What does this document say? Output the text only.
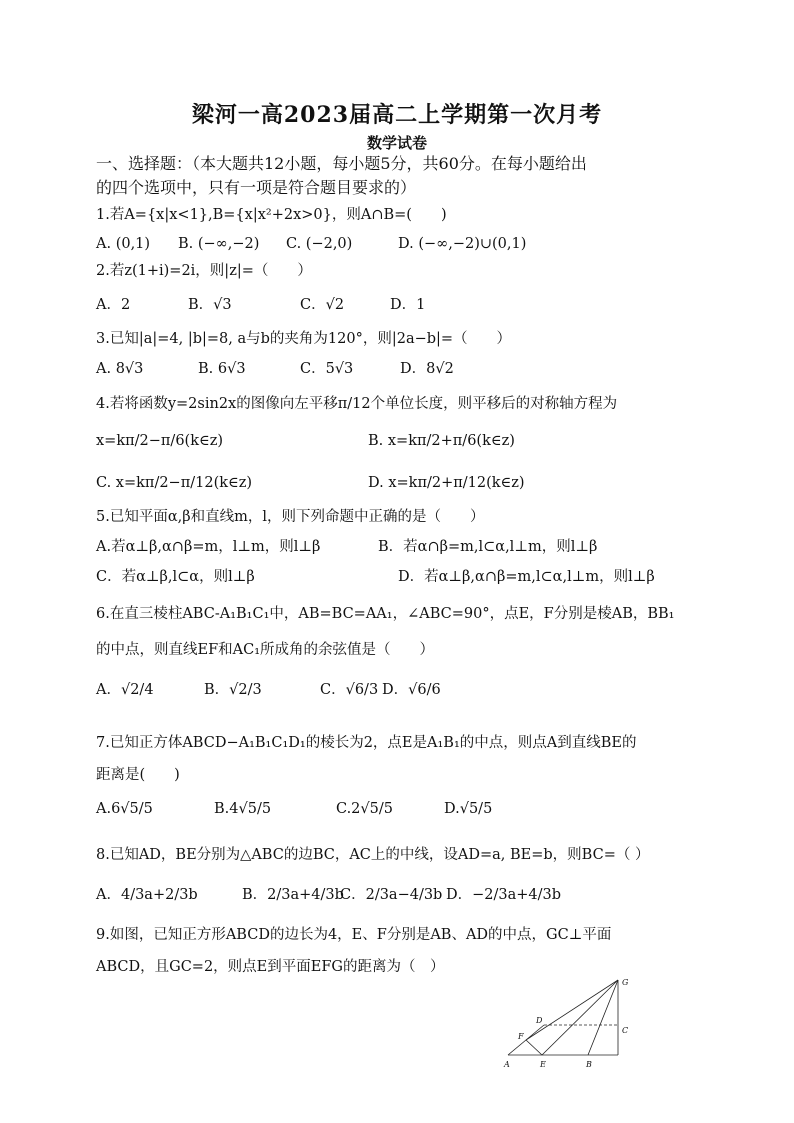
梁河一高2023届高二上学期第一次月考
数学试卷
一、选择题：（本大题共12小题，每小题5分，共60分。在每小题给出
的四个选项中，只有一项是符合题目要求的）
1.若A={x|x<1},B={x|x²+2x>0}，则A∩B=(　　)
A. (0,1) B. (−∞,−2) C. (−2,0)	D. (−∞,−2)∪(0,1)
2.若z(1+i)=2i，则|z|=（　　）
A．2	B．√3	C．√2	D．1
3.已知|a|=4, |b|=8, a与b的夹角为120°，则|2a−b|=（　　）
A. 8√3	B. 6√3	C．5√3	D．8√2
4.若将函数y=2sin2x的图像向左平移π/12个单位长度，则平移后的对称轴方程为
x=kπ/2−π/6(k∈z)	B. x=kπ/2+π/6(k∈z)
C. x=kπ/2−π/12(k∈z)	D. x=kπ/2+π/12(k∈z)
5.已知平面α,β和直线m，l，则下列命题中正确的是（　　）
A.若α⊥β,α∩β=m，l⊥m，则l⊥β	B．若α∩β=m,l⊂α,l⊥m，则l⊥β
C．若α⊥β,l⊂α，则l⊥β	D．若α⊥β,α∩β=m,l⊂α,l⊥m，则l⊥β
6.在直三棱柱ABC-A₁B₁C₁中，AB=BC=AA₁，∠ABC=90°，点E，F分别是棱AB，BB₁
的中点，则直线EF和AC₁所成角的余弦值是（　　）
A．√2/4	B．√2/3	C．√6/3 D．√6/6
7.已知正方体ABCD−A₁B₁C₁D₁的棱长为2，点E是A₁B₁的中点，则点A到直线BE的
距离是(　　)
A.6√5/5	B.4√5/5	C.2√5/5	D.√5/5
8.已知AD，BE分别为△ABC的边BC，AC上的中线，设AD=a, BE=b，则BC=（ ）
A．4/3a+2/3b	B．2/3a+4/3b
C．2/3a−4/3b D．−2/3a+4/3b
9.如图，已知正方形ABCD的边长为4，E、F分别是AB、AD的中点，GC⊥平面
ABCD，且GC=2，则点E到平面EFG的距离为（　）
G
D
C
F
A	E	B
